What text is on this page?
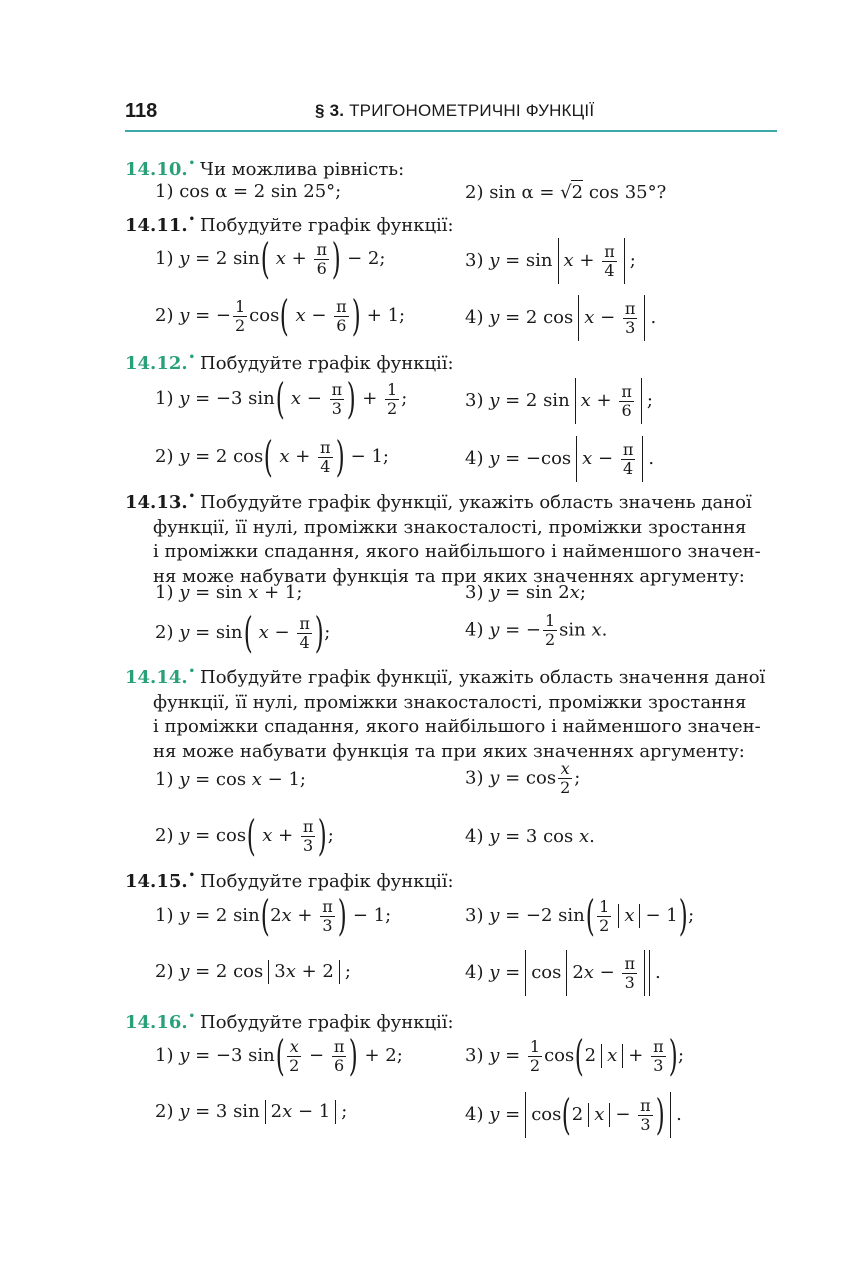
118	§ 3. ТРИГОНОМЕТРИЧНІ ФУНКЦІЇ
14.10.• Чи можлива рівність:
1) cos α = 2 sin 25°;	2) sin α = √2 cos 35°?
14.11.• Побудуйте графік функції:
1) y = 2 sin( $x + \frac{\pi}{6}$ ) − 2;	3) $y = \sin x + \frac{\pi}{4}$ ;
2) y = − $\frac{1}{2} \cos$( $x - \frac{\pi}{6}$ ) + 1;	4) y = 2 $\cos x - \frac{\pi}{3}$ .
14.12.• Побудуйте графік функції:
1) y = −3 sin( $x - \frac{\pi}{3}$ ) + $\frac{1}{2}$ ;	3) y = 2 $\sin x + \frac{\pi}{6}$ ;
2) y = 2 cos( $x + \frac{\pi}{4}$ ) − 1;	4) y = −cos $x - \frac{\pi}{4}$ .
14.13.• Побудуйте графік функції, укажіть область значень даної
функції, її нулі, проміжки знакосталості, проміжки зростання
і проміжки спадання, якого найбільшого і найменшого значен-
ня може набувати функція та при яких значеннях аргументу:
1) y = sin x + 1;	3) y = sin 2x;
2) y = sin( $x - \frac{\pi}{4}$ );	4) y = − $\frac{1}{2}$ sin x.
14.14.• Побудуйте графік функції, укажіть область значення даної
функції, її нулі, проміжки знакосталості, проміжки зростання
і проміжки спадання, якого найбільшого і найменшого значен-
ня може набувати функція та при яких значеннях аргументу:
1) y = cos x − 1;	3) $y = \cos \frac{x}{2}$ ;
2) y = cos( $x + \frac{\pi}{3}$ );	4) y = 3 cos x.
14.15.• Побудуйте графік функції:
1) y = 2 $\sin(2x + \frac{\pi}{3}$ ) − 1;	3) y = −2 $\sin( \frac{1}{2}$ x − 1);
2) y = 2 cos 3x + 2 ;	4) $y = \cos 2x - \frac{\pi}{3}$ .
14.16.• Побудуйте графік функції:
1) y = −3 $\sin( \frac{x}{2} - \frac{\pi}{6}$ ) + 2;	3) $y = \frac{1}{2} \cos(2$ $x + \frac{\pi}{3}$ );
2) y = 3 sin 2x − 1 ;	4) y = cos(2 $x - \frac{\pi}{3}$ ) .
